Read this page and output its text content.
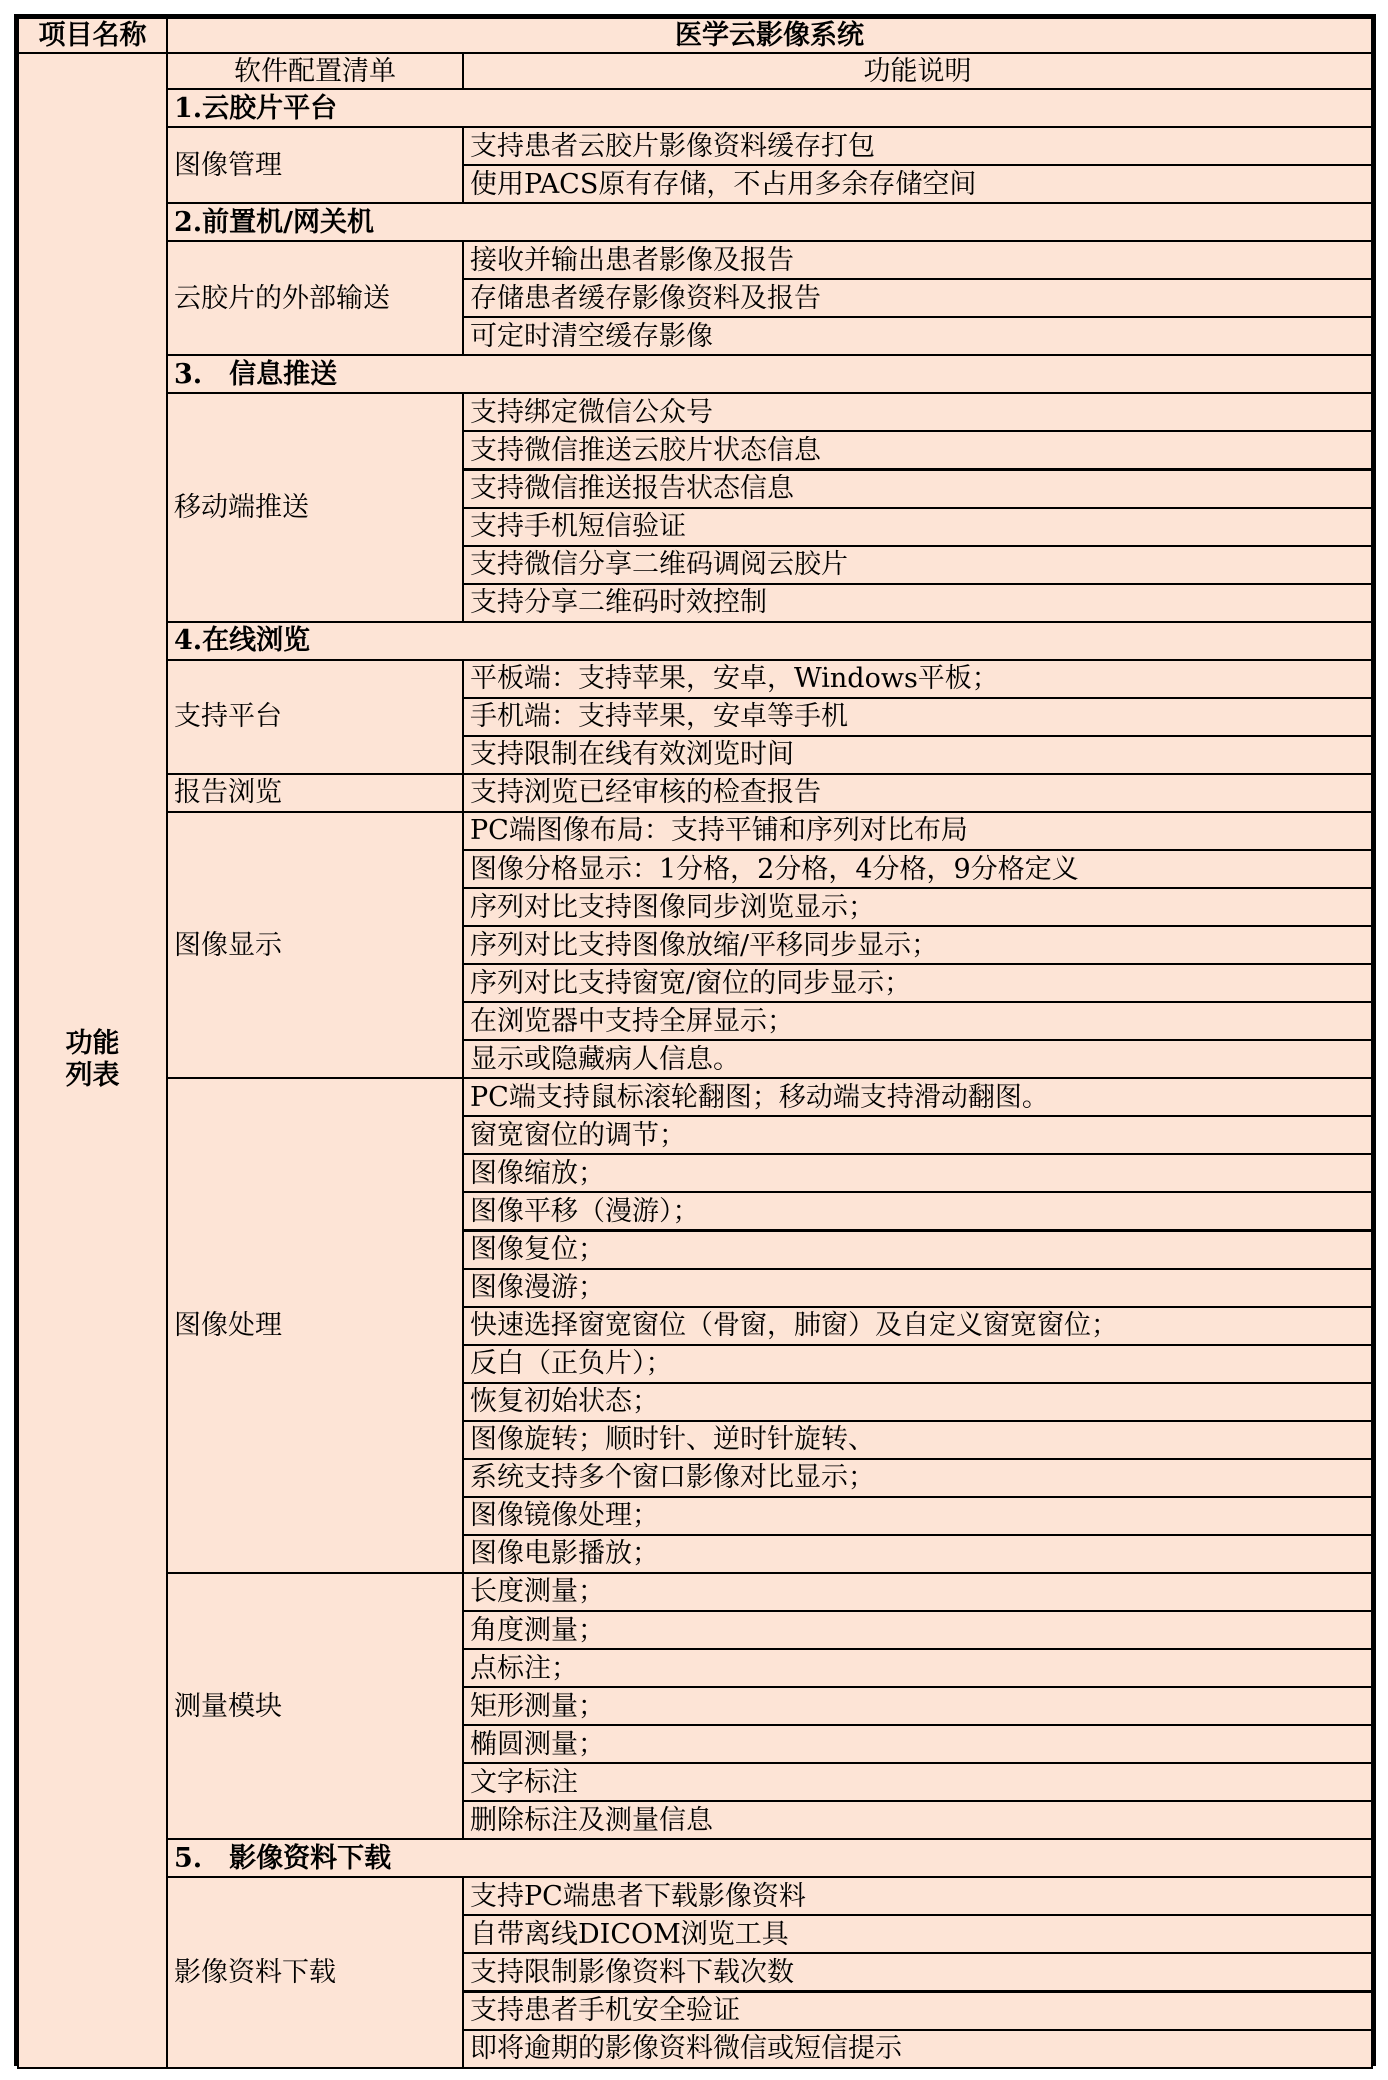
项目名称	医学云影像系统
软件配置清单	功能说明
1.云胶片平台
支持患者云胶片影像资料缓存打包
使用PACS原有存储，不占用多余存储空间
2.前置机/网关机
接收并输出患者影像及报告
存储患者缓存影像资料及报告
可定时清空缓存影像
3.　信息推送
支持绑定微信公众号
支持微信推送云胶片状态信息
支持微信推送报告状态信息
支持手机短信验证
支持微信分享二维码调阅云胶片
支持分享二维码时效控制
4.在线浏览
平板端：支持苹果，安卓，Windows平板；
手机端：支持苹果，安卓等手机
支持限制在线有效浏览时间
支持浏览已经审核的检查报告
PC端图像布局：支持平铺和序列对比布局
图像分格显示：1分格，2分格，4分格，9分格定义
序列对比支持图像同步浏览显示；
序列对比支持图像放缩/平移同步显示；
序列对比支持窗宽/窗位的同步显示；
在浏览器中支持全屏显示；
显示或隐藏病人信息。
PC端支持鼠标滚轮翻图；移动端支持滑动翻图。
窗宽窗位的调节；
图像缩放；
图像平移（漫游）；
图像复位；
图像漫游；
快速选择窗宽窗位（骨窗，肺窗）及自定义窗宽窗位；
反白（正负片）；
恢复初始状态；
图像旋转；顺时针、逆时针旋转、
系统支持多个窗口影像对比显示；
图像镜像处理；
图像电影播放；
长度测量；
角度测量；
点标注；
矩形测量；
椭圆测量；
文字标注
删除标注及测量信息
5.　影像资料下载
支持PC端患者下载影像资料
自带离线DICOM浏览工具
支持限制影像资料下载次数
支持患者手机安全验证
即将逾期的影像资料微信或短信提示
图像管理
云胶片的外部输送
移动端推送
支持平台
报告浏览
图像显示
图像处理
测量模块
影像资料下载
功能
列表
